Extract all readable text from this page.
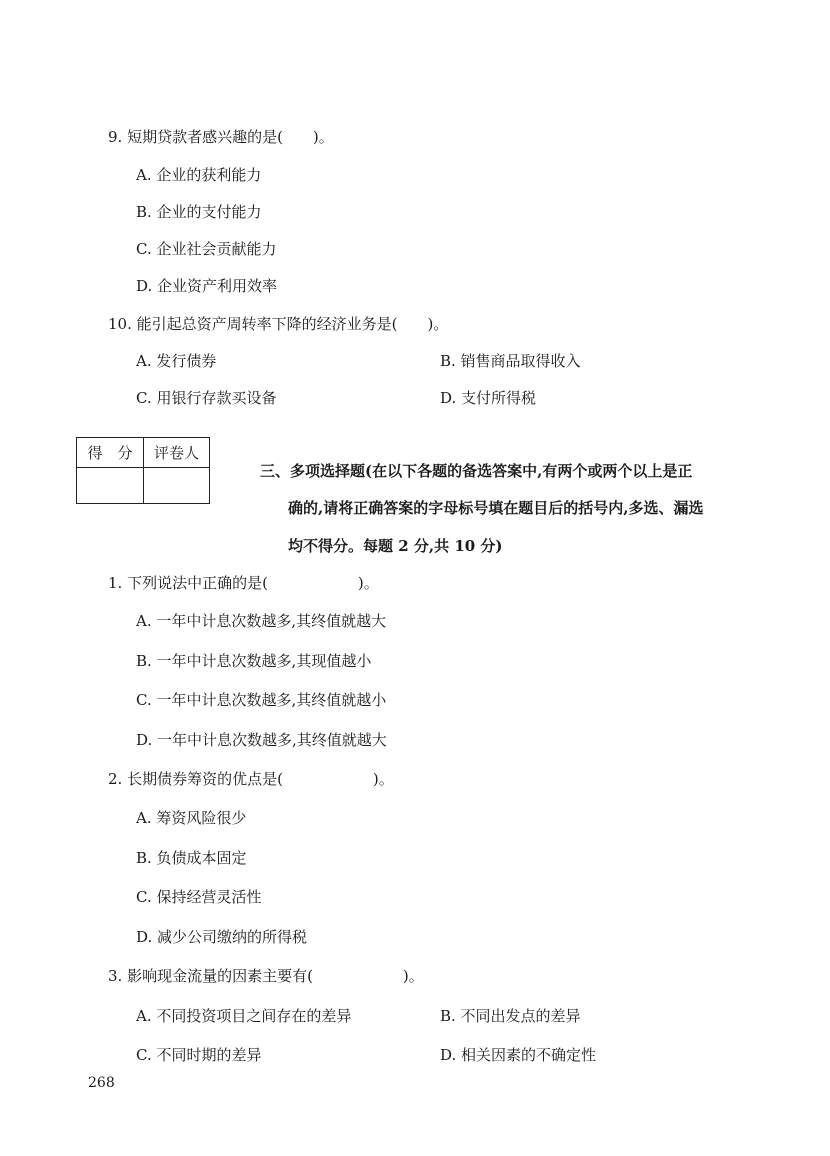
9. 短期贷款者感兴趣的是(　　)。
A. 企业的获利能力
B. 企业的支付能力
C. 企业社会贡献能力
D. 企业资产利用效率
10. 能引起总资产周转率下降的经济业务是(　　)。
A. 发行债券	B. 销售商品取得收入
C. 用银行存款买设备	D. 支付所得税
得　分	评卷人
三、多项选择题(在以下各题的备选答案中,有两个或两个以上是正
确的,请将正确答案的字母标号填在题目后的括号内,多选、漏选
均不得分。每题 2 分,共 10 分)
1. 下列说法中正确的是(　　　　　　)。
A. 一年中计息次数越多,其终值就越大
B. 一年中计息次数越多,其现值越小
C. 一年中计息次数越多,其终值就越小
D. 一年中计息次数越多,其终值就越大
2. 长期债券筹资的优点是(　　　　　　)。
A. 筹资风险很少
B. 负债成本固定
C. 保持经营灵活性
D. 减少公司缴纳的所得税
3. 影响现金流量的因素主要有(　　　　　　)。
A. 不同投资项目之间存在的差异	B. 不同出发点的差异
C. 不同时期的差异	D. 相关因素的不确定性
268
